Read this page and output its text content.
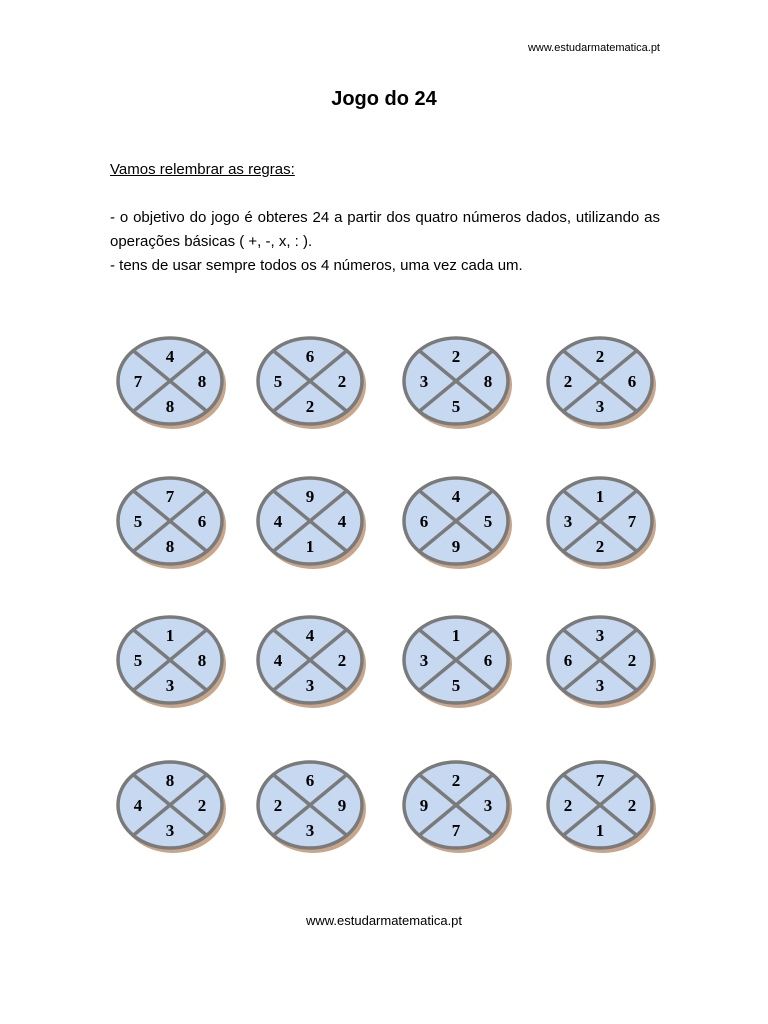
www.estudarmatematica.pt
Jogo do 24
Vamos relembrar as regras:

- o objetivo do jogo é obteres 24 a partir dos quatro números dados, utilizando as operações básicas ( +, -, x, : ).

- tens de usar sempre todos os 4 números, uma vez cada um.

4
8
7	8
6
2
5	2
2
5
3	8
2
3
2	6
7
8
5	6
9
1
4	4
4
9
6	5
1
2
3	7
1
3
5	8
4
3
4	2
1
5
3	6
3
3
6	2
8
3
4	2
6
3
2	9
2
7
9	3
7
1
2	2
www.estudarmatematica.pt
